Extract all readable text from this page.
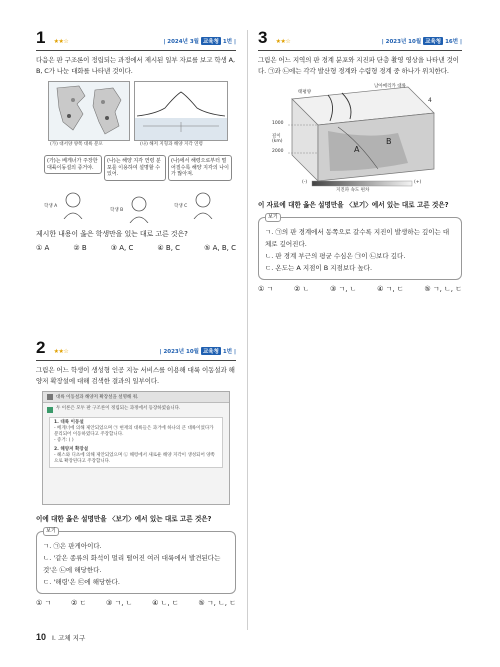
1 ★★☆	| 2024년 3월 교육청 1번 |
다음은 판 구조론이 정립되는 과정에서 제시된 일부 자료를 보고 학생 A, B, C가 나눈 대화를 나타낸 것이다.
(가) 대서양 양쪽 대륙 분포	(나) 해저 지형과 해양 지각 연령
(가)는 베게너가 주장한 대륙이동설의 증거야.
(나)는 해양 지각 연령 분포를 이용하여 설명할 수 있어.
(나)에서 해령으로부터 멀어질수록 해양 지각의 나이가 많아져.
학생 A
학생 B
학생 C
제시한 내용이 옳은 학생만을 있는 대로 고른 것은?
① A	② B	③ A, C	④ B, C	⑤ A, B, C
2 ★★☆	| 2023년 10월 교육청 1번 |
그림은 어느 학생이 생성형 인공 지능 서비스를 이용해 대륙 이동설과 해양저 확장설에 대해 검색한 결과의 일부이다.
대륙 이동설과 해양저 확장설을 설명해 줘.
두 이론은 모두 판 구조론이 정립되는 과정에서 등장하였습니다.
1. 대륙 이동설
- 베게너에 의해 제안되었으며 ㉠ 현재의 대륙들은 과거에 하나의 큰 대륙이었다가 분리되어 이동하였다고 주장합니다.
- 증거: ( )
2. 해양저 확장설
- 헤스와 디츠에 의해 제안되었으며 ㉡ 해령에서 새로운 해양 지각이 생성되어 양쪽으로 확장된다고 주장합니다.
이에 대한 옳은 설명만을 〈보기〉에서 있는 대로 고른 것은?
보기
ㄱ. ㉠은 판게아이다.
ㄴ. '같은 종류의 화석이 멀리 떨어진 여러 대륙에서 발견된다는 것'은 ㉡에 해당한다.
ㄷ. '해령'은 ㉢에 해당한다.
① ㄱ	② ㄷ	③ ㄱ, ㄴ	④ ㄴ, ㄷ	⑤ ㄱ, ㄴ, ㄷ
3 ★★☆	| 2023년 10월 교육청 16번 |
그림은 어느 지역의 판 경계 분포와 지진파 단층 촬영 영상을 나타낸 것이다. ㉠과 ㉡에는 각각 발산형 경계와 수렴형 경계 중 하나가 위치한다.
태평양
남아메리카 대륙
4
A
B
1000
2000
깊이 (km)
(-)	(+)
지진파 속도 편차
이 자료에 대한 옳은 설명만을 〈보기〉에서 있는 대로 고른 것은?
보기
ㄱ. ㉠의 판 경계에서 동쪽으로 갈수록 지진이 발생하는 깊이는 대체로 깊어진다.
ㄴ. 판 경계 부근의 평균 수심은 ㉠이 ㉡보다 깊다.
ㄷ. 온도는 A 지점이 B 지점보다 높다.
① ㄱ	② ㄴ	③ ㄱ, ㄴ	④ ㄱ, ㄷ	⑤ ㄱ, ㄴ, ㄷ
10 I. 고체 지구
